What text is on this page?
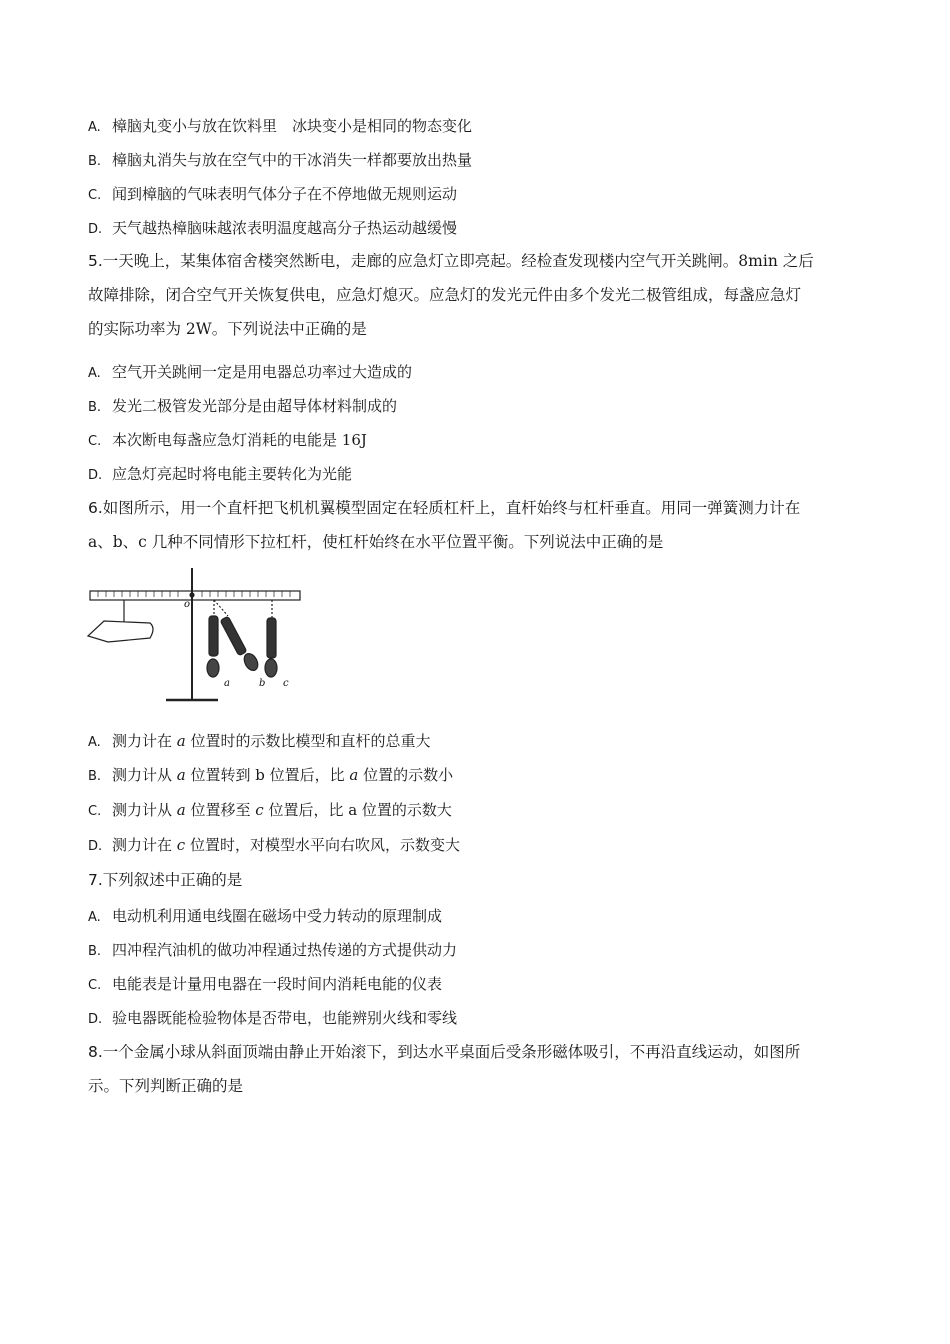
A. 樟脑丸变小与放在饮料里　冰块变小是相同的物态变化
B. 樟脑丸消失与放在空气中的干冰消失一样都要放出热量
C. 闻到樟脑的气味表明气体分子在不停地做无规则运动
D. 天气越热樟脑味越浓表明温度越高分子热运动越缓慢
5.一天晚上，某集体宿舍楼突然断电，走廊的应急灯立即亮起。经检查发现楼内空气开关跳闸。8min 之后
故障排除，闭合空气开关恢复供电，应急灯熄灭。应急灯的发光元件由多个发光二极管组成，每盏应急灯
的实际功率为 2W。下列说法中正确的是
A. 空气开关跳闸一定是用电器总功率过大造成的
B. 发光二极管发光部分是由超导体材料制成的
C. 本次断电每盏应急灯消耗的电能是 16J
D. 应急灯亮起时将电能主要转化为光能
6.如图所示，用一个直杆把飞机机翼模型固定在轻质杠杆上，直杆始终与杠杆垂直。用同一弹簧测力计在
a、b、c 几种不同情形下拉杠杆，使杠杆始终在水平位置平衡。下列说法中正确的是
o
a	b c
A. 测力计在 a 位置时的示数比模型和直杆的总重大
B. 测力计从 a 位置转到 b 位置后，比 a 位置的示数小
C. 测力计从 a 位置移至 c 位置后，比 a 位置的示数大
D. 测力计在 c 位置时，对模型水平向右吹风，示数变大
7.下列叙述中正确的是
A. 电动机利用通电线圈在磁场中受力转动的原理制成
B. 四冲程汽油机的做功冲程通过热传递的方式提供动力
C. 电能表是计量用电器在一段时间内消耗电能的仪表
D. 验电器既能检验物体是否带电，也能辨别火线和零线
8.一个金属小球从斜面顶端由静止开始滚下，到达水平桌面后受条形磁体吸引，不再沿直线运动，如图所
示。下列判断正确的是
